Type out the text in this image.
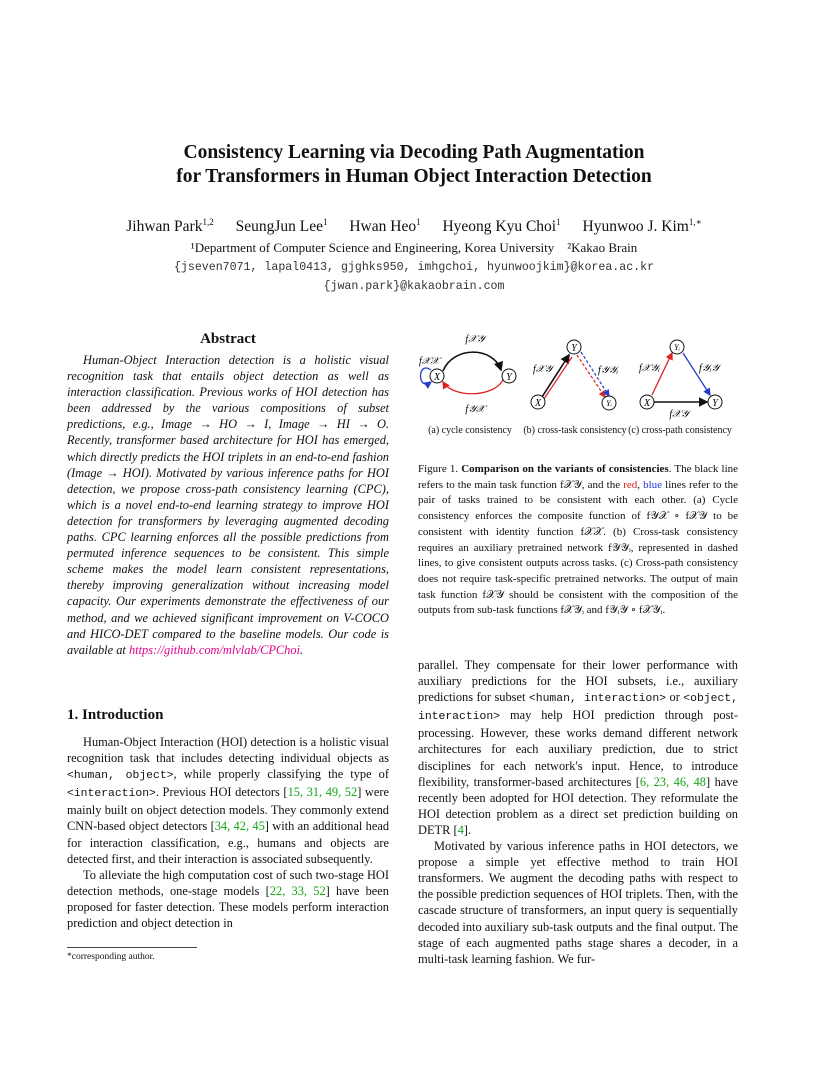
Consistency Learning via Decoding Path Augmentation
for Transformers in Human Object Interaction Detection
Jihwan Park$^{1,2}$ SeungJun Lee$^1$ Hwan Heo$^1$ Hyeong Kyu Choi$^1$ Hyunwoo J. Kim$^{1,∗}$
¹Department of Computer Science and Engineering, Korea University    ²Kakao Brain
{jseven7071, lapal0413, gjghks950, imhgchoi, hyunwoojkim}@korea.ac.kr
{jwan.park}@kakaobrain.com
Abstract

Human-Object Interaction detection is a holistic visual recognition task that entails object detection as well as interaction classification. Previous works of HOI detection has been addressed by the various compositions of subset predictions, e.g., Image → HO → I, Image → HI → O. Recently, transformer based architecture for HOI has emerged, which directly predicts the HOI triplets in an end-to-end fashion (Image → HOI). Motivated by various inference paths for HOI detection, we propose cross-path consistency learning (CPC), which is a novel end-to-end learning strategy to improve HOI detection for transformers by leveraging augmented decoding paths. CPC learning enforces all the possible predictions from permuted inference sequences to be consistent. This simple scheme makes the model learn consistent representations, thereby improving generalization without increasing model capacity. Our experiments demonstrate the effectiveness of our method, and we achieved significant improvement on V-COCO and HICO-DET compared to the baseline models. Our code is available at https://github.com/mlvlab/CPChoi.

1. Introduction

Human-Object Interaction (HOI) detection is a holistic visual recognition task that includes detecting individual objects as <human, object>, while properly classifying the type of <interaction>. Previous HOI detectors [15, 31, 49, 52] were mainly built on object detection models. They commonly extend CNN-based object detectors [34, 42, 45] with an additional head for interaction classification, e.g., humans and objects are detected first, and their interaction is associated subsequently.

To alleviate the high computation cost of such two-stage HOI detection methods, one-stage models [22, 33, 52] have been proposed for faster detection. These models perform interaction prediction and object detection in

*corresponding author.
X	Y
f𝒳𝒴
f𝒴𝒳
f𝒳𝒳
X
Y
Yᵢ
f𝒳𝒴	f𝒴𝒴ᵢ
X
Yᵢ
Y
f𝒳𝒴ᵢ	f𝒴ᵢ𝒴
f𝒳𝒴
(a) cycle consistency	(b) cross-task consistency (c) cross-path consistency
Figure 1. Comparison on the variants of consistencies. The black line refers to the main task function f𝒳𝒴, and the red, blue lines refer to the pair of tasks trained to be consistent with each other. (a) Cycle consistency enforces the composite function of f𝒴𝒳 ∘ f𝒳𝒴 to be consistent with identity function f𝒳𝒳. (b) Cross-task consistency requires an auxiliary pretrained network f𝒴𝒴ᵢ, represented in dashed lines, to give consistent outputs across tasks. (c) Cross-path consistency does not require task-specific pretrained networks. The output of main task function f𝒳𝒴 should be consistent with the composition of the outputs from sub-task functions f𝒳𝒴ᵢ and f𝒴ᵢ𝒴 ∘ f𝒳𝒴ᵢ.

parallel. They compensate for their lower performance with auxiliary predictions for the HOI subsets, i.e., auxiliary predictions for subset <human, interaction> or <object, interaction> may help HOI prediction through post-processing. However, these works demand different network architectures for each auxiliary prediction, due to strict disciplines for each network's input. Hence, to introduce flexibility, transformer-based architectures [6, 23, 46, 48] have recently been adopted for HOI detection. They reformulate the HOI detection problem as a direct set prediction building on DETR [4].

Motivated by various inference paths in HOI detectors, we propose a simple yet effective method to train HOI transformers. We augment the decoding paths with respect to the possible prediction sequences of HOI triplets. Then, with the cascade structure of transformers, an input query is sequentially decoded into auxiliary sub-task outputs and the final output. The stage of each augmented paths stage shares a decoder, in a multi-task learning fashion. We fur-
